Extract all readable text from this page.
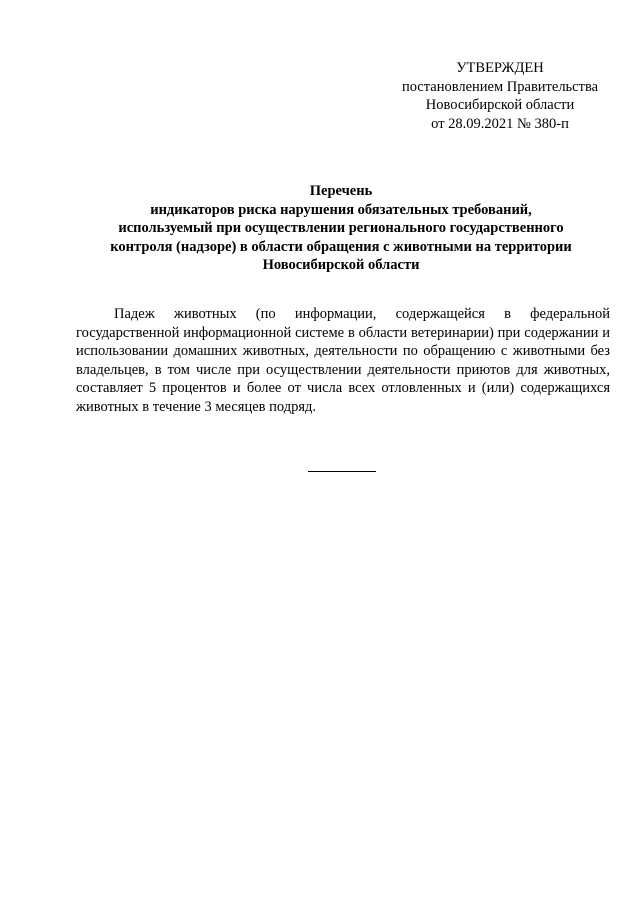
УТВЕРЖДЕН
постановлением Правительства
Новосибирской области
от 28.09.2021 № 380-п
Перечень
индикаторов риска нарушения обязательных требований,
используемый при осуществлении регионального государственного
контроля (надзоре) в области обращения с животными на территории
Новосибирской области

Падеж животных (по информации, содержащейся в федеральной государственной информационной системе в области ветеринарии) при содержании и использовании домашних животных, деятельности по обращению с животными без владельцев, в том числе при осуществлении деятельности приютов для животных, составляет 5 процентов и более от числа всех отловленных и (или) содержащихся животных в течение 3 месяцев подряд.
